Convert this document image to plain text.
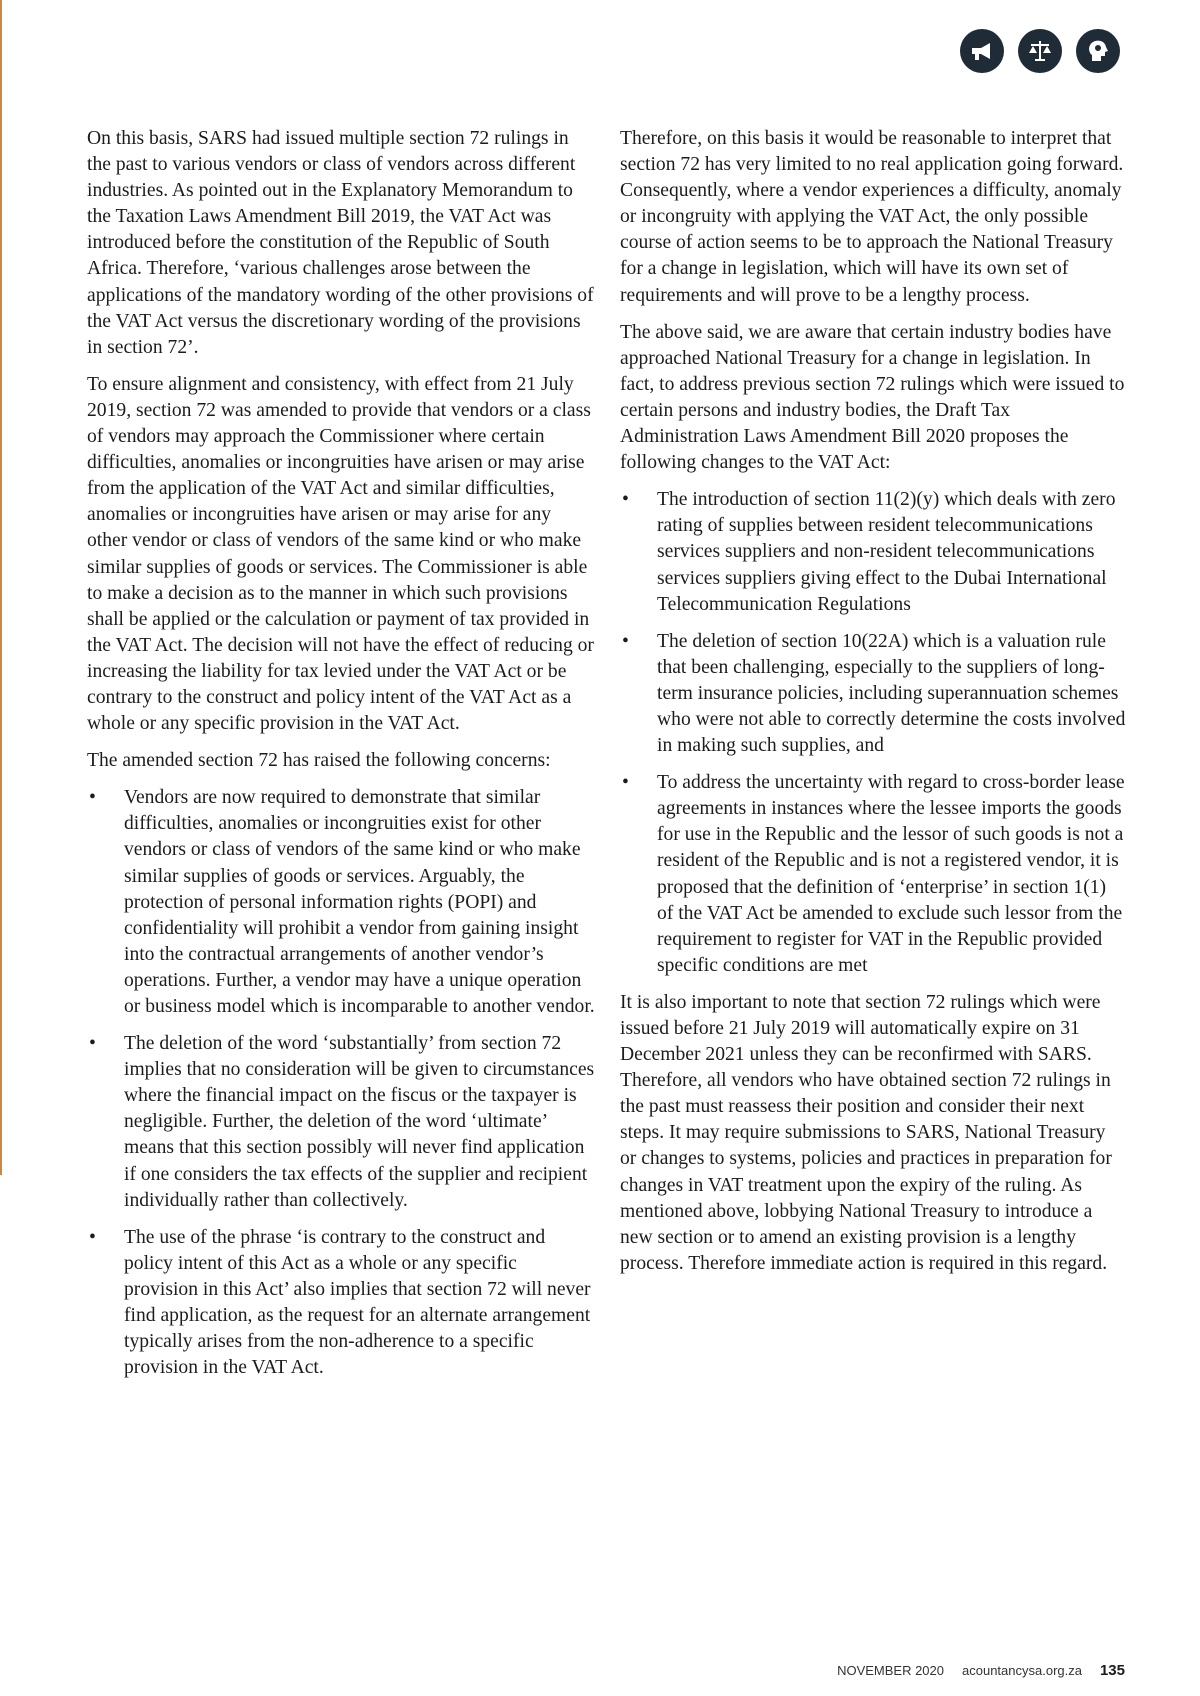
On this basis, SARS had issued multiple section 72 rulings in the past to various vendors or class of vendors across different industries. As pointed out in the Explanatory Memorandum to the Taxation Laws Amendment Bill 2019, the VAT Act was introduced before the constitution of the Republic of South Africa. Therefore, ‘various challenges arose between the applications of the mandatory wording of the other provisions of the VAT Act versus the discretionary wording of the provisions in section 72’.

To ensure alignment and consistency, with effect from 21 July 2019, section 72 was amended to provide that vendors or a class of vendors may approach the Commissioner where certain difficulties, anomalies or incongruities have arisen or may arise from the application of the VAT Act and similar difficulties, anomalies or incongruities have arisen or may arise for any other vendor or class of vendors of the same kind or who make similar supplies of goods or services. The Commissioner is able to make a decision as to the manner in which such provisions shall be applied or the calculation or payment of tax provided in the VAT Act. The decision will not have the effect of reducing or increasing the liability for tax levied under the VAT Act or be contrary to the construct and policy intent of the VAT Act as a whole or any specific provision in the VAT Act.

The amended section 72 has raised the following concerns:

• Vendors are now required to demonstrate that similar difficulties, anomalies or incongruities exist for other vendors or class of vendors of the same kind or who make similar supplies of goods or services. Arguably, the protection of personal information rights (POPI) and confidentiality will prohibit a vendor from gaining insight into the contractual arrangements of another vendor’s operations. Further, a vendor may have a unique operation or business model which is incomparable to another vendor.
• The deletion of the word ‘substantially’ from section 72 implies that no consideration will be given to circumstances where the financial impact on the fiscus or the taxpayer is negligible. Further, the deletion of the word ‘ultimate’ means that this section possibly will never find application if one considers the tax effects of the supplier and recipient individually rather than collectively.
• The use of the phrase ‘is contrary to the construct and policy intent of this Act as a whole or any specific provision in this Act’ also implies that section 72 will never find application, as the request for an alternate arrangement typically arises from the non-adherence to a specific provision in the VAT Act.

Therefore, on this basis it would be reasonable to interpret that section 72 has very limited to no real application going forward. Consequently, where a vendor experiences a difficulty, anomaly or incongruity with applying the VAT Act, the only possible course of action seems to be to approach the National Treasury for a change in legislation, which will have its own set of requirements and will prove to be a lengthy process.

The above said, we are aware that certain industry bodies have approached National Treasury for a change in legislation. In fact, to address previous section 72 rulings which were issued to certain persons and industry bodies, the Draft Tax Administration Laws Amendment Bill 2020 proposes the following changes to the VAT Act:

• The introduction of section 11(2)(y) which deals with zero rating of supplies between resident telecommunications services suppliers and non-resident telecommunications services suppliers giving effect to the Dubai International Telecommunication Regulations
• The deletion of section 10(22A) which is a valuation rule that been challenging, especially to the suppliers of long-term insurance policies, including superannuation schemes who were not able to correctly determine the costs involved in making such supplies, and
• To address the uncertainty with regard to cross-border lease agreements in instances where the lessee imports the goods for use in the Republic and the lessor of such goods is not a resident of the Republic and is not a registered vendor, it is proposed that the definition of ‘enterprise’ in section 1(1) of the VAT Act be amended to exclude such lessor from the requirement to register for VAT in the Republic provided specific conditions are met

It is also important to note that section 72 rulings which were issued before 21 July 2019 will automatically expire on 31 December 2021 unless they can be reconfirmed with SARS. Therefore, all vendors who have obtained section 72 rulings in the past must reassess their position and consider their next steps. It may require submissions to SARS, National Treasury or changes to systems, policies and practices in preparation for changes in VAT treatment upon the expiry of the ruling. As mentioned above, lobbying National Treasury to introduce a new section or to amend an existing provision is a lengthy process. Therefore immediate action is required in this regard.

NOVEMBER 2020 acountancysa.org.za 135
